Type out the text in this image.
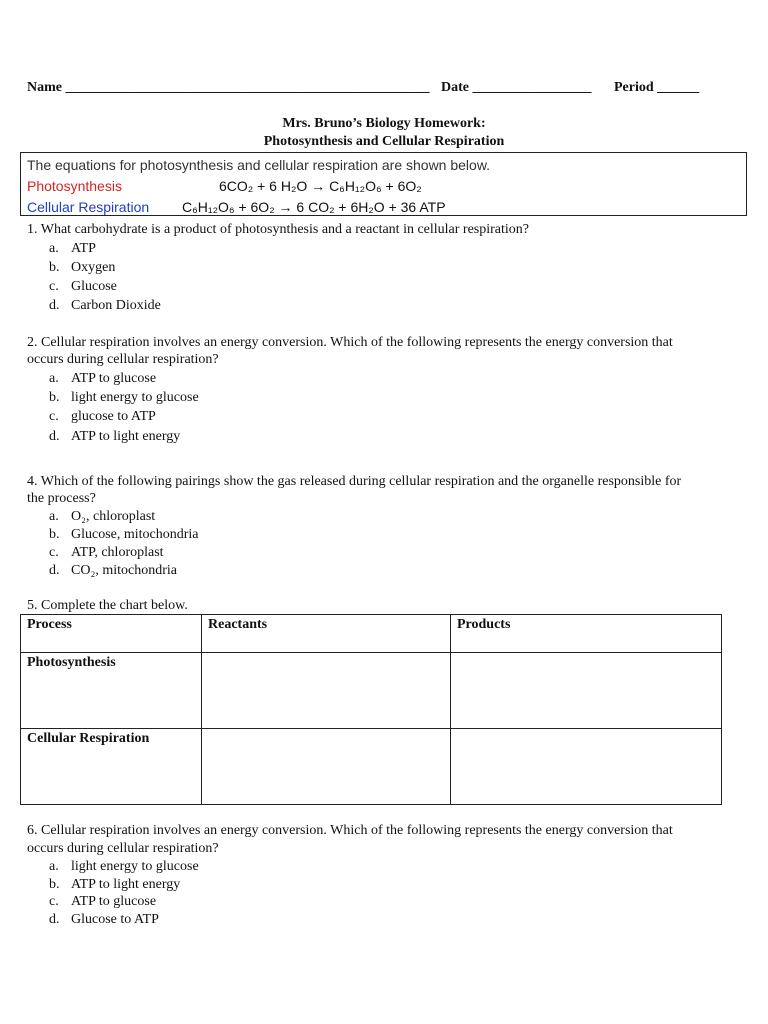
Name ____________________________________________________ Date _________________ Period ______
Mrs. Bruno’s Biology Homework:
Photosynthesis and Cellular Respiration
The equations for photosynthesis and cellular respiration are shown below.
Photosynthesis	6CO₂ + 6 H₂O → C₆H₁₂O₆ + 6O₂
Cellular Respiration C₆H₁₂O₆ + 6O₂ → 6 CO₂ + 6H₂O + 36 ATP
1. What carbohydrate is a product of photosynthesis and a reactant in cellular respiration?
a. ATP
b. Oxygen
c. Glucose
d. Carbon Dioxide
2. Cellular respiration involves an energy conversion. Which of the following represents the energy conversion that
occurs during cellular respiration?
a. ATP to glucose
b. light energy to glucose
c. glucose to ATP
d. ATP to light energy
4. Which of the following pairings show the gas released during cellular respiration and the organelle responsible for
the process?
a. O₂, chloroplast
b. Glucose, mitochondria
c. ATP, chloroplast
d. CO₂, mitochondria
5. Complete the chart below.
Process	Reactants	Products
Photosynthesis		
Cellular Respiration		
6. Cellular respiration involves an energy conversion. Which of the following represents the energy conversion that
occurs during cellular respiration?
a. light energy to glucose
b. ATP to light energy
c. ATP to glucose
d. Glucose to ATP
